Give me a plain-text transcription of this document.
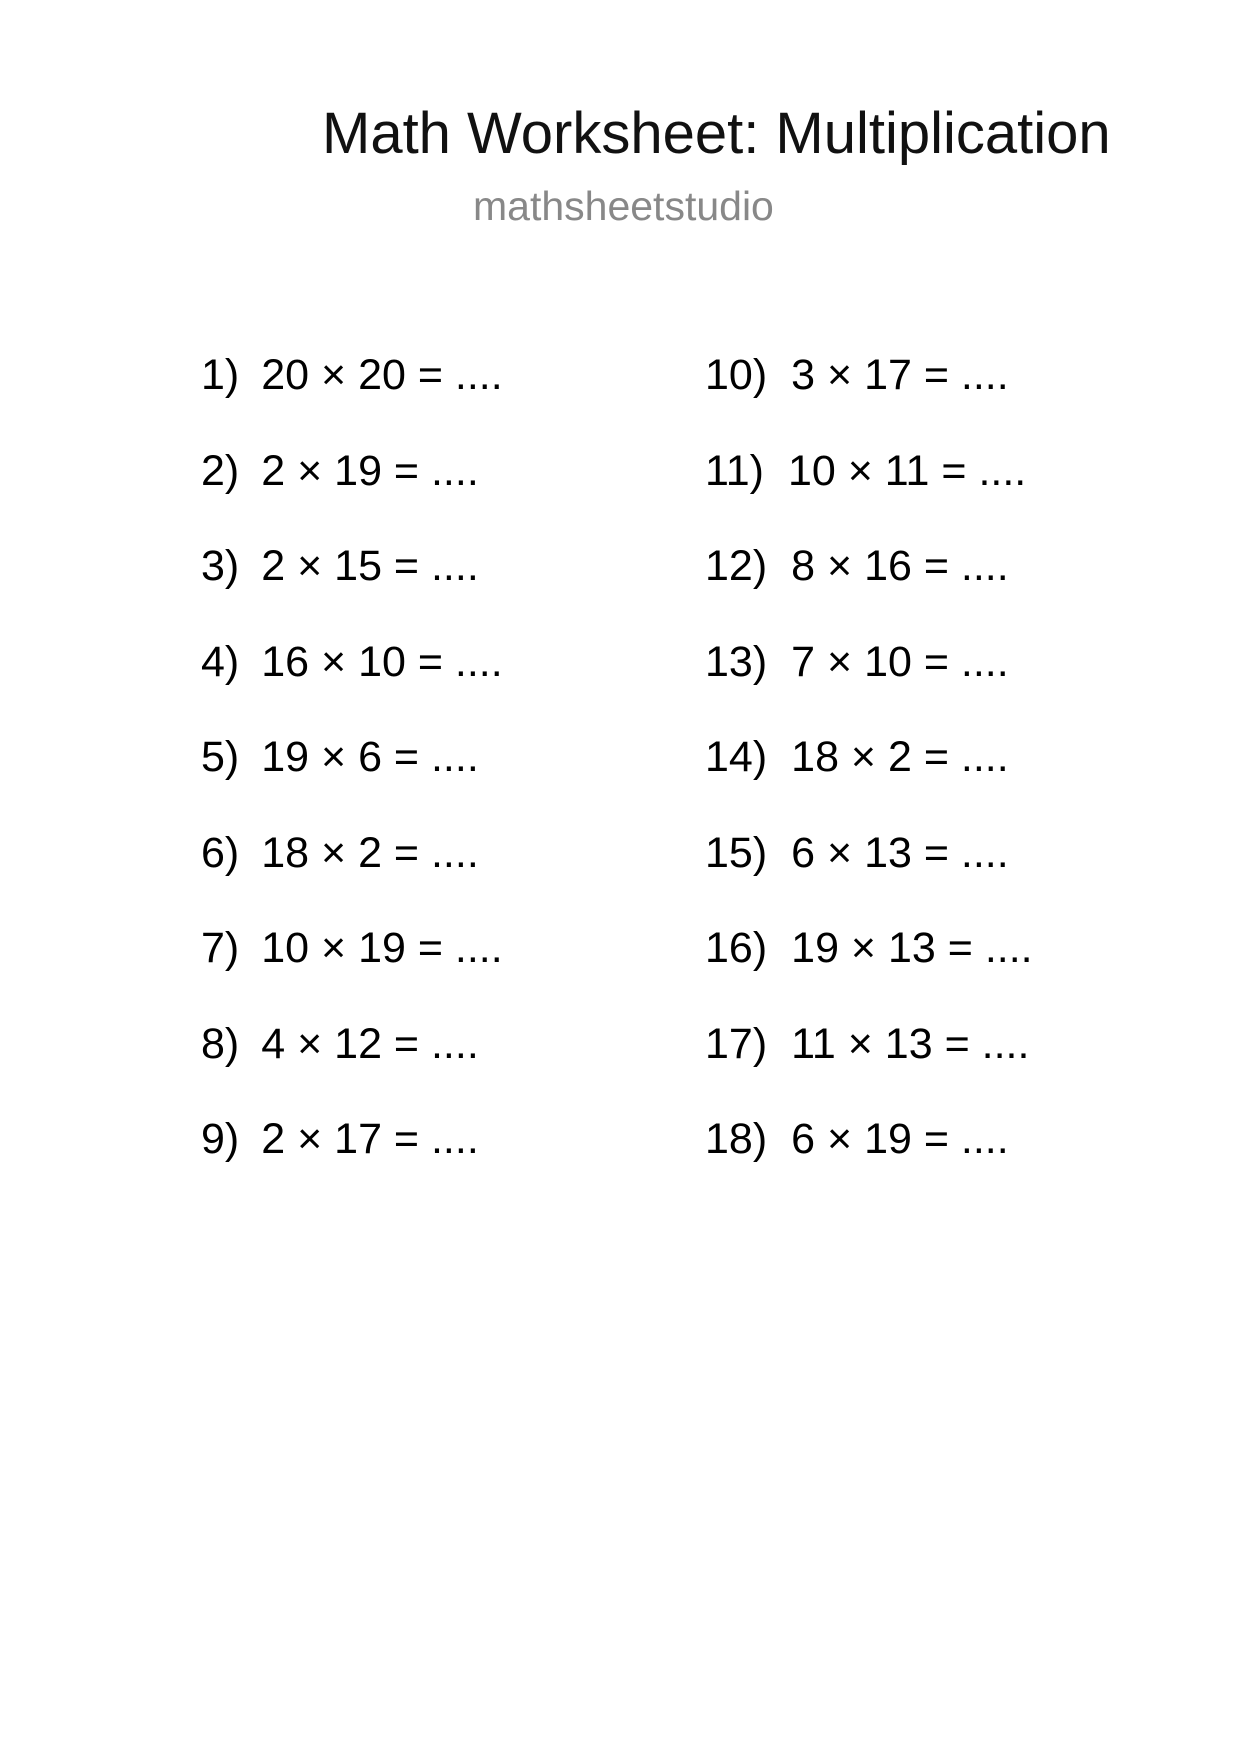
Math Worksheet: Multiplication
mathsheetstudio
1) 20 × 20 = ....
2) 2 × 19 = ....
3) 2 × 15 = ....
4) 16 × 10 = ....
5) 19 × 6 = ....
6) 18 × 2 = ....
7) 10 × 19 = ....
8) 4 × 12 = ....
9) 2 × 17 = ....
10) 3 × 17 = ....
11) 10 × 11 = ....
12) 8 × 16 = ....
13) 7 × 10 = ....
14) 18 × 2 = ....
15) 6 × 13 = ....
16) 19 × 13 = ....
17) 11 × 13 = ....
18) 6 × 19 = ....
